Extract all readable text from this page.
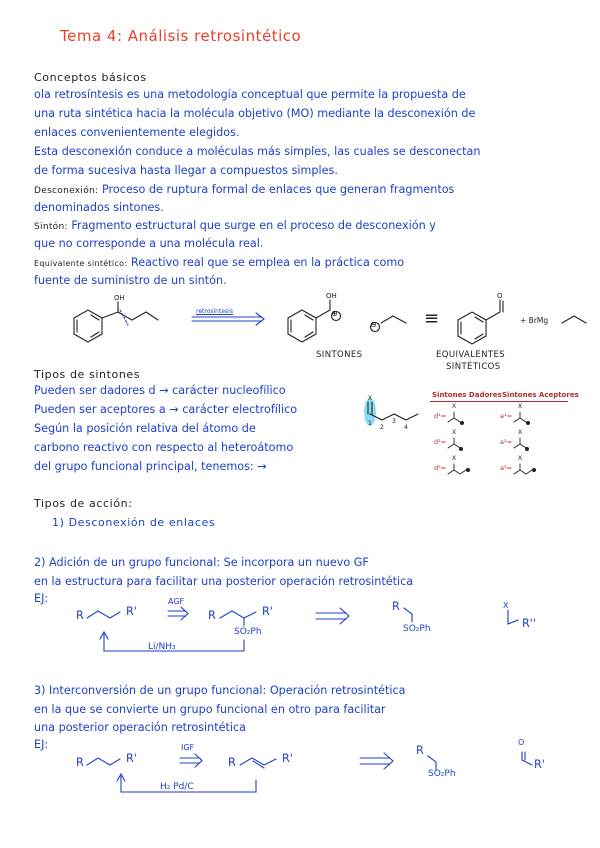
Tema 4: Análisis retrosintético
Conceptos básicos
ola retrosíntesis es una metodología conceptual que permite la propuesta de
una ruta sintética hacia la molécula objetivo (MO) mediante la desconexión de
enlaces convenientemente elegidos.
Esta desconexión conduce a moléculas más simples, las cuales se desconectan
de forma sucesiva hasta llegar a compuestos simples.
Desconexión: Proceso de ruptura formal de enlaces que generan fragmentos
denominados sintones.
Sintón: Fragmento estructural que surge en el proceso de desconexión y
que no corresponde a una molécula real.
Equivalente sintético: Reactivo real que se emplea en la práctica como
fuente de suministro de un sintón.
OH
retrosíntesis
OH
⊕
⊖	≡
O
+ BrMg
SINTONES	EQUIVALENTES
SINTÉTICOS
Tipos de sintones
Pueden ser dadores d → carácter nucleofílico
Pueden ser aceptores a → carácter electrofílico
Según la posición relativa del átomo de
carbono reactivo con respecto al heteroátomo
del grupo funcional principal, tenemos: →
X
1
2
3
4
Sintones Dadores Sintones Aceptores
d¹=	a¹=
d²=	a²=
d³=	a³=
X	X
X	X
X	X
Tipos de acción:
1) Desconexión de enlaces
2) Adición de un grupo funcional: Se incorpora un nuevo GF
en la estructura para facilitar una posterior operación retrosintética
EJ:
R	R'
AGF
R	R'
SO₂Ph
R
SO₂Ph
X
R''
Li/NH₃
3) Interconversión de un grupo funcional: Operación retrosintética
en la que se convierte un grupo funcional en otro para facilitar
una posterior operación retrosintética
EJ:
R	R'
IGF
R	R'
R
SO₂Ph
O
R'
H₂ Pd/C
